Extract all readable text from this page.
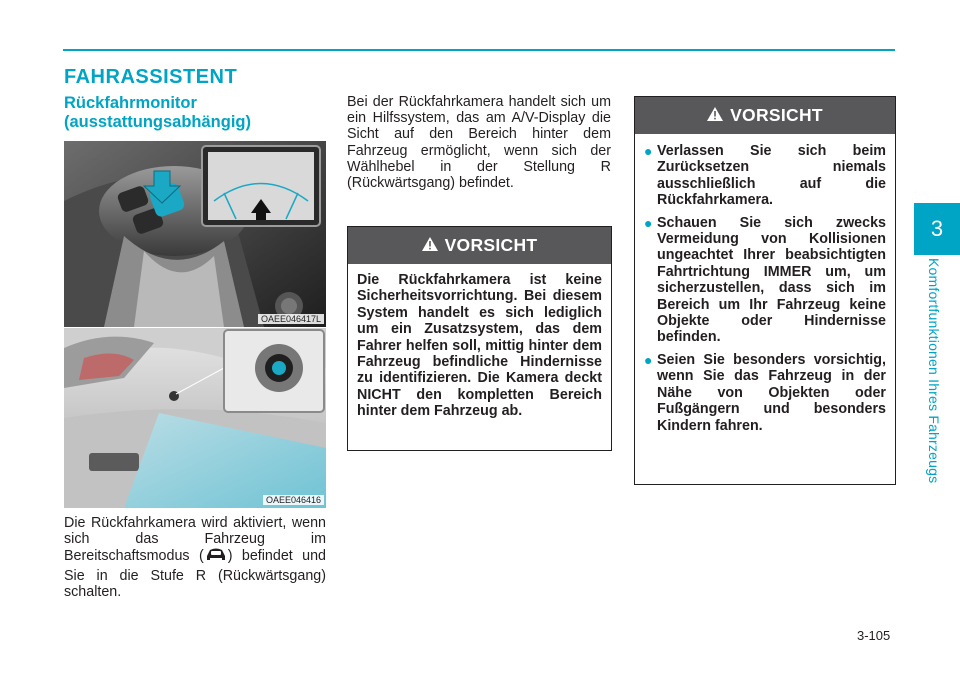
FAHRASSISTENT
Rückfahrmonitor
(ausstattungsabhängig)
OAEE046417L
OAEE046416
Die Rückfahrkamera wird aktiviert, wenn sich das Fahrzeug im Bereitschaftsmodus ( ) befindet und Sie in die Stufe R (Rückwärtsgang) schalten.
Bei der Rückfahrkamera handelt sich um ein Hilfssystem, das am A/V-Display die Sicht auf den Bereich hinter dem Fahrzeug ermöglicht, wenn sich der Wählhebel in der Stellung R (Rückwärtsgang) befindet.
VORSICHT
Die Rückfahrkamera ist keine Sicherheitsvorrichtung. Bei diesem System handelt es sich lediglich um ein Zusatzsystem, das dem Fahrer helfen soll, mittig hinter dem Fahrzeug befindliche Hindernisse zu identifizieren. Die Kamera deckt NICHT den kompletten Bereich hinter dem Fahrzeug ab.
VORSICHT
● Verlassen Sie sich beim Zurücksetzen niemals ausschließlich auf die Rückfahrkamera.
● Schauen Sie sich zwecks Vermeidung von Kollisionen ungeachtet Ihrer beabsichtigten Fahrtrichtung IMMER um, um sicherzustellen, dass sich im Bereich um Ihr Fahrzeug keine Objekte oder Hindernisse befinden.
● Seien Sie besonders vorsichtig, wenn Sie das Fahrzeug in der Nähe von Objekten oder Fußgängern und besonders Kindern fahren.
3
Komfortfunktionen Ihres Fahrzeugs
3-105
